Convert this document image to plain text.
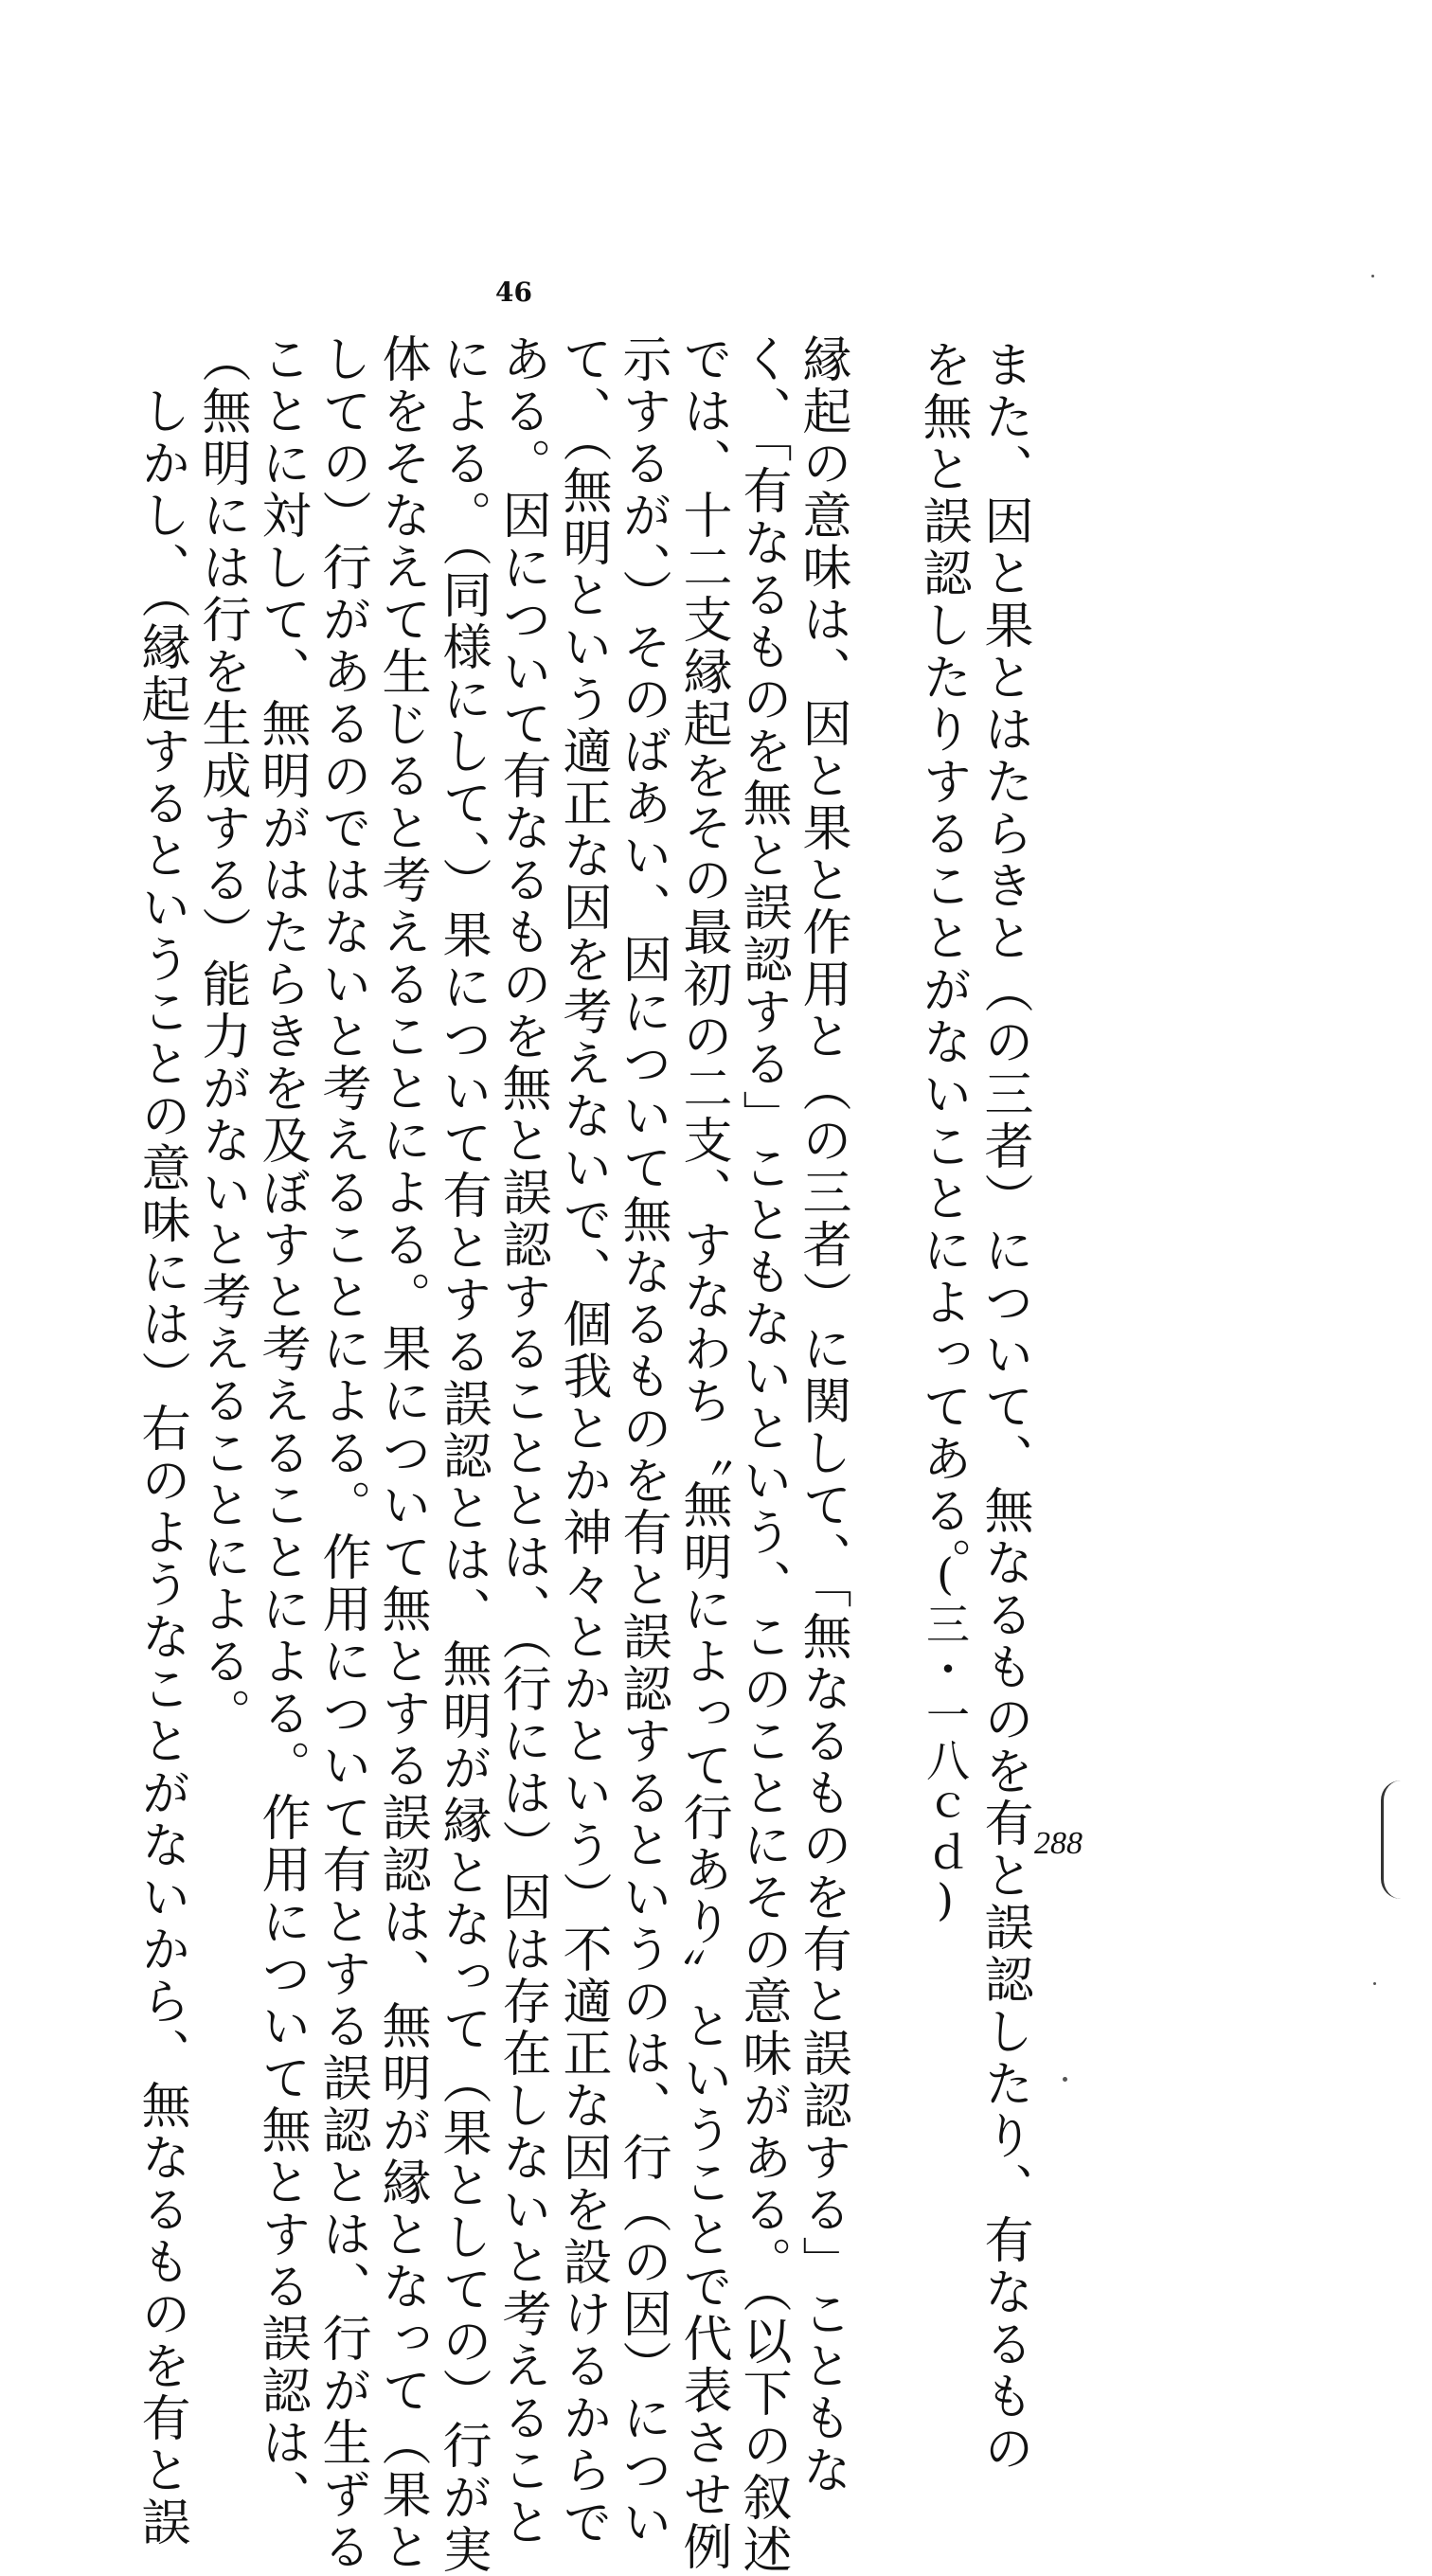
46
288
また、因と果とはたらきと（の三者）について、無なるものを有と誤認したり、有なるもの
を無と誤認したりすることがないことによってある。
(三・一八ｃｄ)
縁起の意味は、因と果と作用と（の三者）に関して、「無なるものを有と誤認する」こともな
く、「有なるものを無と誤認する」こともないという、このことにその意味がある。（以下の叙述
では、十二支縁起をその最初の二支、すなわち〝無明によって行あり〟ということで代表させ例
示するが、）そのばあい、因について無なるものを有と誤認するというのは、行（の因）につい
て、（無明という適正な因を考えないで、個我とか神々とかという）不適正な因を設けるからで
ある。因について有なるものを無と誤認することとは、（行には）因は存在しないと考えること
による。（同様にして、）果について有とする誤認とは、無明が縁となって（果としての）行が実
体をそなえて生じると考えることによる。果について無とする誤認は、無明が縁となって（果と
しての）行があるのではないと考えることによる。作用について有とする誤認とは、行が生ずる
ことに対して、無明がはたらきを及ぼすと考えることによる。作用について無とする誤認は、
（無明には行を生成する）能力がないと考えることによる。
　しかし、（縁起するということの意味には）右のようなことがないから、無なるものを有と誤
